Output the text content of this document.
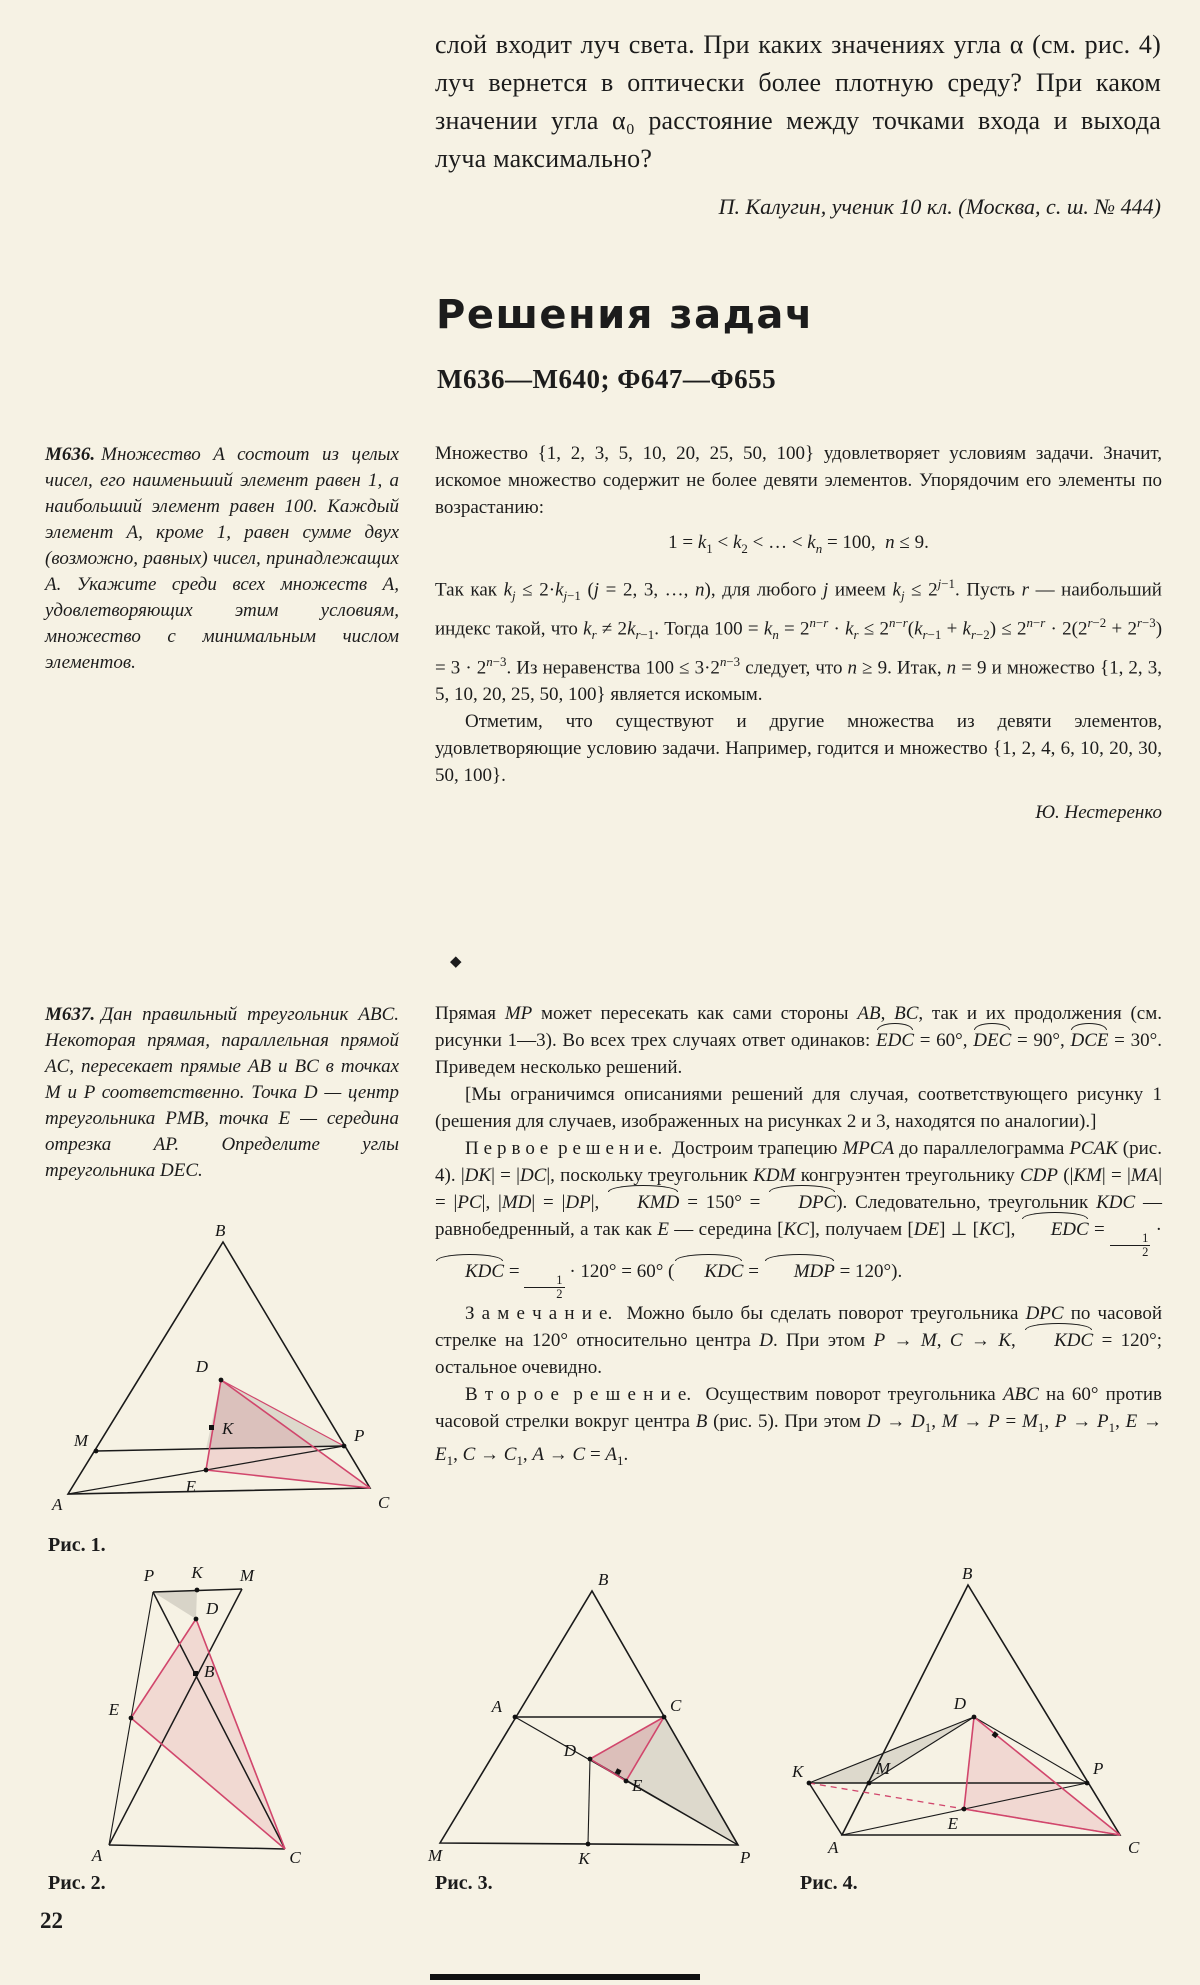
слой входит луч света. При каких значениях угла α (см. рис. 4) луч вернется в оптически более плотную среду? При каком значении угла α₀ расстояние между точками входа и выхода луча максимально?

П. Калугин, ученик 10 кл. (Москва, с. ш. № 444)
Решения задач
М636—М640; Ф647—Ф655
М636. Множество A состоит из целых чисел, его наименьший элемент равен 1, а наибольший элемент равен 100. Каждый элемент A, кроме 1, равен сумме двух (возможно, равных) чисел, принадлежащих A. Укажите среди всех множеств A, удовлетворяющих этим условиям, множество с минимальным числом элементов.

Множество {1, 2, 3, 5, 10, 20, 25, 50, 100} удовлетворяет условиям задачи. Значит, искомое множество содержит не более девяти элементов. Упорядочим его элементы по возрастанию:

$1 = k_1 < k_2$ < … < $k_n = 100$,  n ≤ 9.

Так как $k_j \le 2\cdot k_{j-1}$ (j = 2, 3, …, n), для любого j имеем $k_j \le 2^{j-1}$. Пусть r — наибольший индекс такой, что $k_r \ne 2k_{r-1}$. Тогда $100 = k_n = 2^{n-r} \cdot k_r \le 2^{n-r}(k_{r-1} + k_{r-2}) \le 2^{n-r} \cdot 2(2^{r-2} + 2^{r-3}) = 3 \cdot 2^{n-3}$. Из неравенства $100 \le 3\cdot 2^{n-3}$ следует, что n ≥ 9. Итак, n = 9 и множество {1, 2, 3, 5, 10, 20, 25, 50, 100} является искомым.

Отметим, что существуют и другие множества из девяти элементов, удовлетворяющие условию задачи. Например, годится и множество {1, 2, 4, 6, 10, 20, 30, 50, 100}.

Ю. Нестеренко
◆
М637. Дан правильный треугольник ABC. Некоторая прямая, параллельная прямой AC, пересекает прямые AB и BC в точках M и P соответственно. Точка D — центр треугольника PMB, точка E — середина отрезка AP. Определите углы треугольника DEC.

Прямая MP может пересекать как сами стороны AB, BC, так и их продолжения (см. рисунки 1—3). Во всех трех случаях ответ одинаков: EDC = 60°, DEC = 90°, DCE = 30°. Приведем несколько решений.

[Мы ограничимся описаниями решений для случая, соответствующего рисунку 1 (решения для случаев, изображенных на рисунках 2 и 3, находятся по аналогии).]

П е р в о е  р е ш е н и е.  Достроим трапецию MPCA до параллелограмма PCAK (рис. 4). |DK| = |DC|, поскольку треугольник KDM конгруэнтен треугольнику CDP (|KM| = |MA| = |PC|, |MD| = |DP|, KMD = 150° = DPC). Следовательно, треугольник KDC — равнобедренный, а так как E — середина [KC], получаем [DE] ⊥ [KC], EDC =
$\frac{1}{2}$
· KDC =
$\frac{1}{2}$
· 120° = 60° ( KDC = MDP = 120°).

З а м е ч а н и е.  Можно было бы сделать поворот треугольника DPC по часовой стрелке на 120° относительно центра D. При этом P → M, C → K, KDC = 120°; остальное очевидно.

В т о р о е  р е ш е н и е.  Осуществим поворот треугольника ABC на 60° против часовой стрелки вокруг центра B (рис. 5). При этом $D \to D_1$, $M \to P = M_1$, $P \to P_1$, $E \to E_1$, $C \to C_1$, $A \to C = A_1$.

B
M	P
A
E
C
D
K
Рис. 1.
P K M
D
B
E
A	C
Рис. 2.
B
M	P
K
A	C
D
E
Рис. 3.
B
K	M	P
A
E
C
D
Рис. 4.
22
